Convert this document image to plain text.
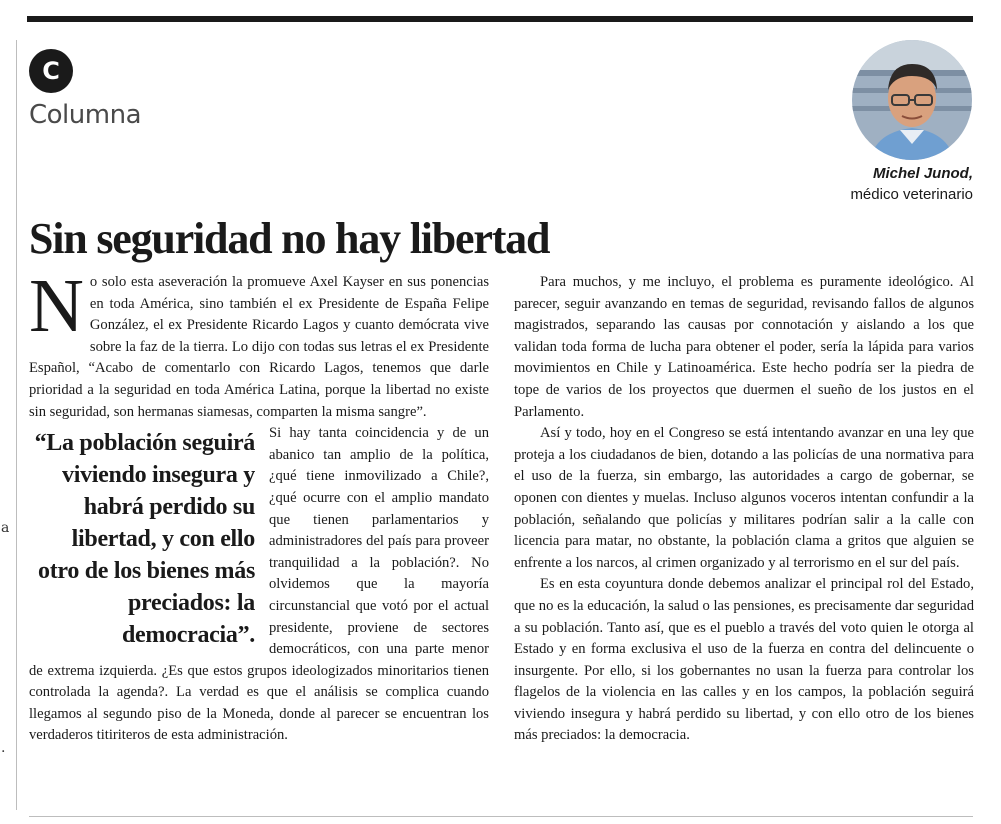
a
.
C
Columna
Michel Junod,
médico veterinario
Sin seguridad no hay libertad

No solo esta aseveración la promueve Axel Kayser en sus ponencias en toda América, sino también el ex Presidente de España Felipe González, el ex Presidente Ricardo Lagos y cuanto demócrata vive sobre la faz de la tierra. Lo dijo con todas sus letras el ex Presidente Español, “Acabo de comentarlo con Ricardo Lagos, tenemos que darle prioridad a la seguridad en toda América Latina, porque la libertad no existe sin seguridad, son hermanas siamesas, comparten la misma sangre”.

“La población seguirá viviendo insegura y habrá perdido su libertad, y con ello otro de los bienes más preciados: la democracia”.

Si hay tanta coincidencia y de un abanico tan amplio de la política, ¿qué tiene inmovilizado a Chile?, ¿qué ocurre con el amplio mandato que tienen parlamentarios y administradores del país para proveer tranquilidad a la población?. No olvidemos que la mayoría circunstancial que votó por el actual presidente, proviene de sectores democráticos, con una parte menor de extrema izquierda. ¿Es que estos grupos ideologizados minoritarios tienen controlada la agenda?. La verdad es que el análisis se complica cuando llegamos al segundo piso de la Moneda, donde al parecer se encuentran los verdaderos titiriteros de esta administración.

Para muchos, y me incluyo, el problema es puramente ideológico. Al parecer, seguir avanzando en temas de seguridad, revisando fallos de algunos magistrados, separando las causas por connotación y aislando a los que validan toda forma de lucha para obtener el poder, sería la lápida para varios movimientos en Chile y Latinoamérica. Este hecho podría ser la piedra de tope de varios de los proyectos que duermen el sueño de los justos en el Parlamento.

Así y todo, hoy en el Congreso se está intentando avanzar en una ley que proteja a los ciudadanos de bien, dotando a las policías de una normativa para el uso de la fuerza, sin embargo, las autoridades a cargo de gobernar, se oponen con dientes y muelas. Incluso algunos voceros intentan confundir a la población, señalando que policías y militares podrían salir a la calle con licencia para matar, no obstante, la población clama a gritos que alguien se enfrente a los narcos, al crimen organizado y al terrorismo en el sur del país.

Es en esta coyuntura donde debemos analizar el principal rol del Estado, que no es la educación, la salud o las pensiones, es precisamente dar seguridad a su población. Tanto así, que es el pueblo a través del voto quien le otorga al Estado y en forma exclusiva el uso de la fuerza en contra del delincuente o insurgente. Por ello, si los gobernantes no usan la fuerza para controlar los flagelos de la violencia en las calles y en los campos, la población seguirá viviendo insegura y habrá perdido su libertad, y con ello otro de los bienes más preciados: la democracia.
